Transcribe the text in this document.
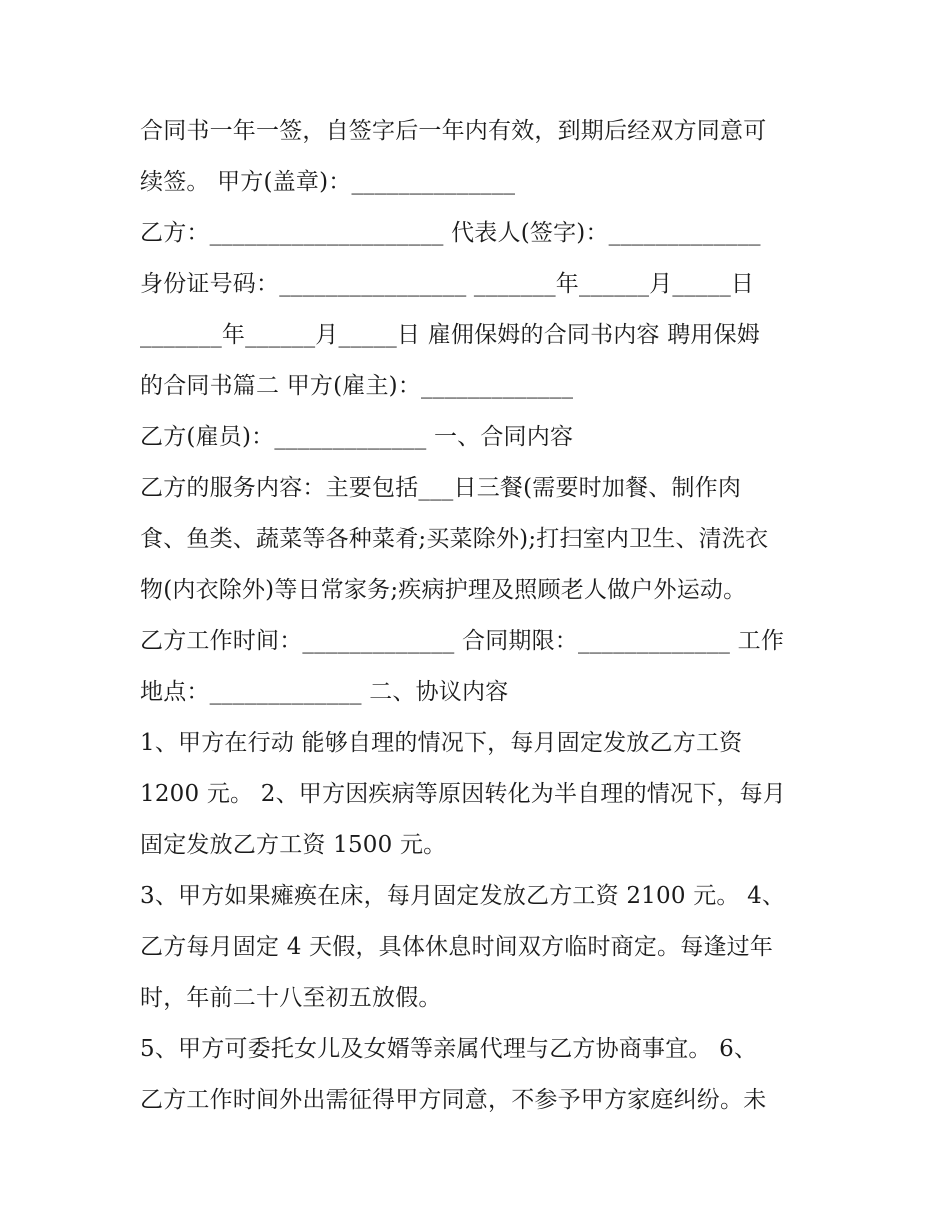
合同书一年一签，自签字后一年内有效，到期后经双方同意可
续签。 甲方(盖章)：______________
乙方：____________________ 代表人(签字)：_____________
身份证号码：________________ _______年______月_____日
_______年______月_____日 雇佣保姆的合同书内容 聘用保姆
的合同书篇二 甲方(雇主)：_____________
乙方(雇员)：_____________ 一、合同内容
乙方的服务内容：主要包括___日三餐(需要时加餐、制作肉
食、鱼类、蔬菜等各种菜肴;买菜除外);打扫室内卫生、清洗衣
物(内衣除外)等日常家务;疾病护理及照顾老人做户外运动。
乙方工作时间：_____________ 合同期限：_____________ 工作
地点：_____________ 二、协议内容
1、甲方在行动 能够自理的情况下，每月固定发放乙方工资
1200 元。 2、甲方因疾病等原因转化为半自理的情况下，每月
固定发放乙方工资 1500 元。
3、甲方如果瘫痪在床，每月固定发放乙方工资 2100 元。 4、
乙方每月固定 4 天假，具体休息时间双方临时商定。每逢过年
时，年前二十八至初五放假。
5、甲方可委托女儿及女婿等亲属代理与乙方协商事宜。 6、
乙方工作时间外出需征得甲方同意，不参予甲方家庭纠纷。未
